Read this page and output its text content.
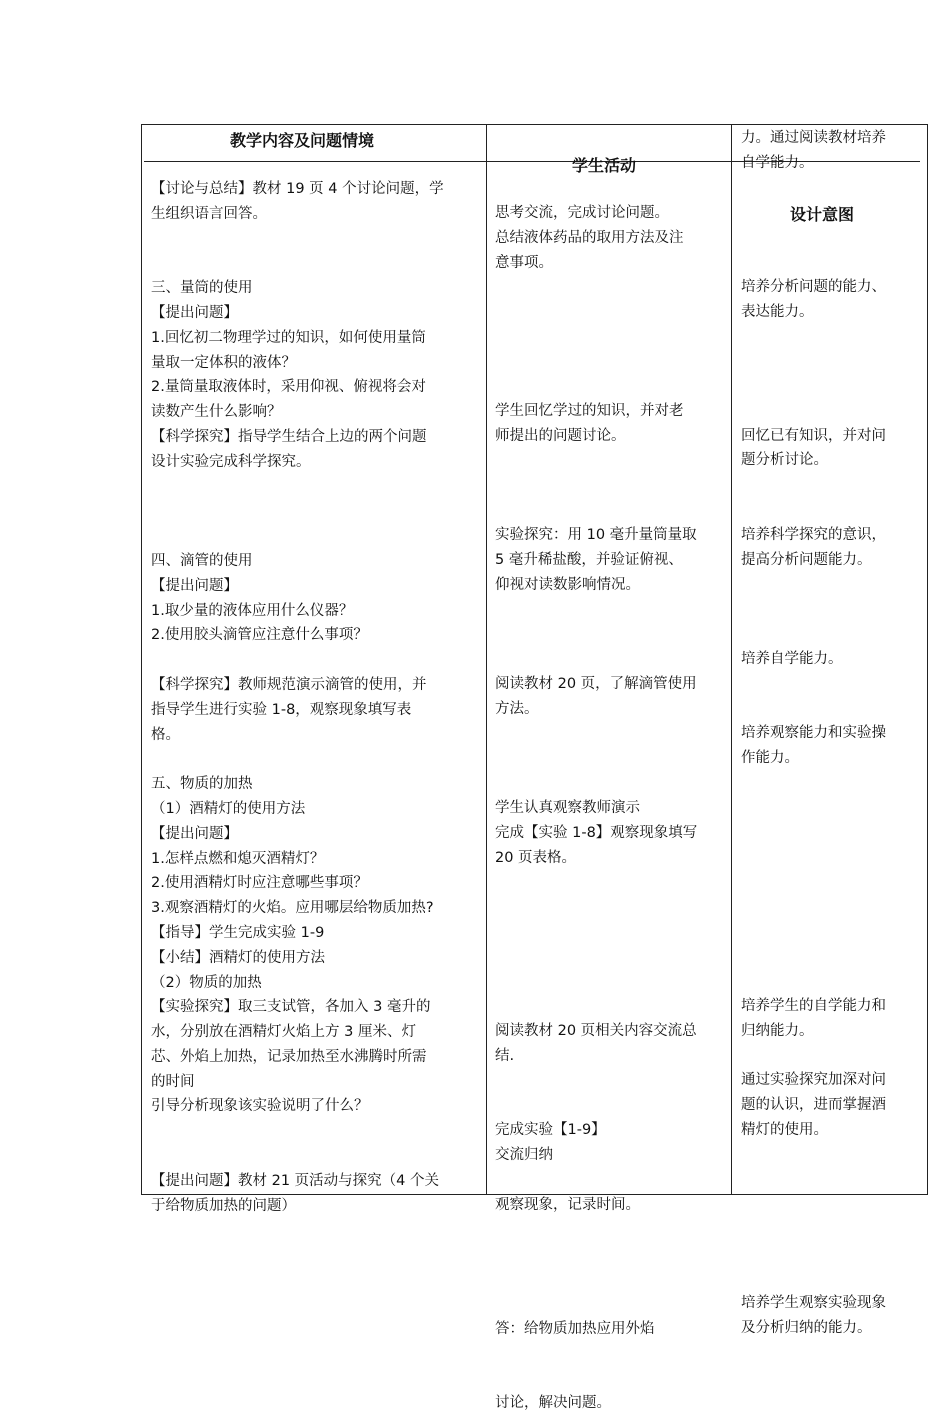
教学内容及问题情境
学生活动
设计意图
【讨论与总结】教材 19 页 4 个讨论问题，学
生组织语言回答。
三、量筒的使用
【提出问题】
1.回忆初二物理学过的知识，如何使用量筒
量取一定体积的液体？
2.量筒量取液体时，采用仰视、俯视将会对
读数产生什么影响？
【科学探究】指导学生结合上边的两个问题
设计实验完成科学探究。
四、滴管的使用
【提出问题】
1.取少量的液体应用什么仪器？
2.使用胶头滴管应注意什么事项？
【科学探究】教师规范演示滴管的使用，并
指导学生进行实验 1-8，观察现象填写表
格。
五、物质的加热
（1）酒精灯的使用方法
【提出问题】
1.怎样点燃和熄灭酒精灯？
2.使用酒精灯时应注意哪些事项？
3.观察酒精灯的火焰。应用哪层给物质加热?
【指导】学生完成实验 1-9
【小结】酒精灯的使用方法
（2）物质的加热
【实验探究】取三支试管，各加入 3 毫升的
水，分别放在酒精灯火焰上方 3 厘米、灯
芯、外焰上加热，记录加热至水沸腾时所需
的时间
引导分析现象该实验说明了什么？
【提出问题】教材 21 页活动与探究（4 个关
于给物质加热的问题）
思考交流，完成讨论问题。
总结液体药品的取用方法及注
意事项。
学生回忆学过的知识，并对老
师提出的问题讨论。
实验探究：用 10 毫升量筒量取
5 毫升稀盐酸，并验证俯视、
仰视对读数影响情况。
阅读教材 20 页，了解滴管使用
方法。
学生认真观察教师演示
完成【实验 1-8】观察现象填写
20 页表格。
阅读教材 20 页相关内容交流总
结.
完成实验【1-9】
交流归纳
观察现象，记录时间。
答：给物质加热应用外焰
讨论，解决问题。
力。通过阅读教材培养
自学能力。
培养分析问题的能力、
表达能力。
回忆已有知识，并对问
题分析讨论。
培养科学探究的意识，
提高分析问题能力。
培养自学能力。
培养观察能力和实验操
作能力。
培养学生的自学能力和
归纳能力。
通过实验探究加深对问
题的认识，进而掌握酒
精灯的使用。
培养学生观察实验现象
及分析归纳的能力。
